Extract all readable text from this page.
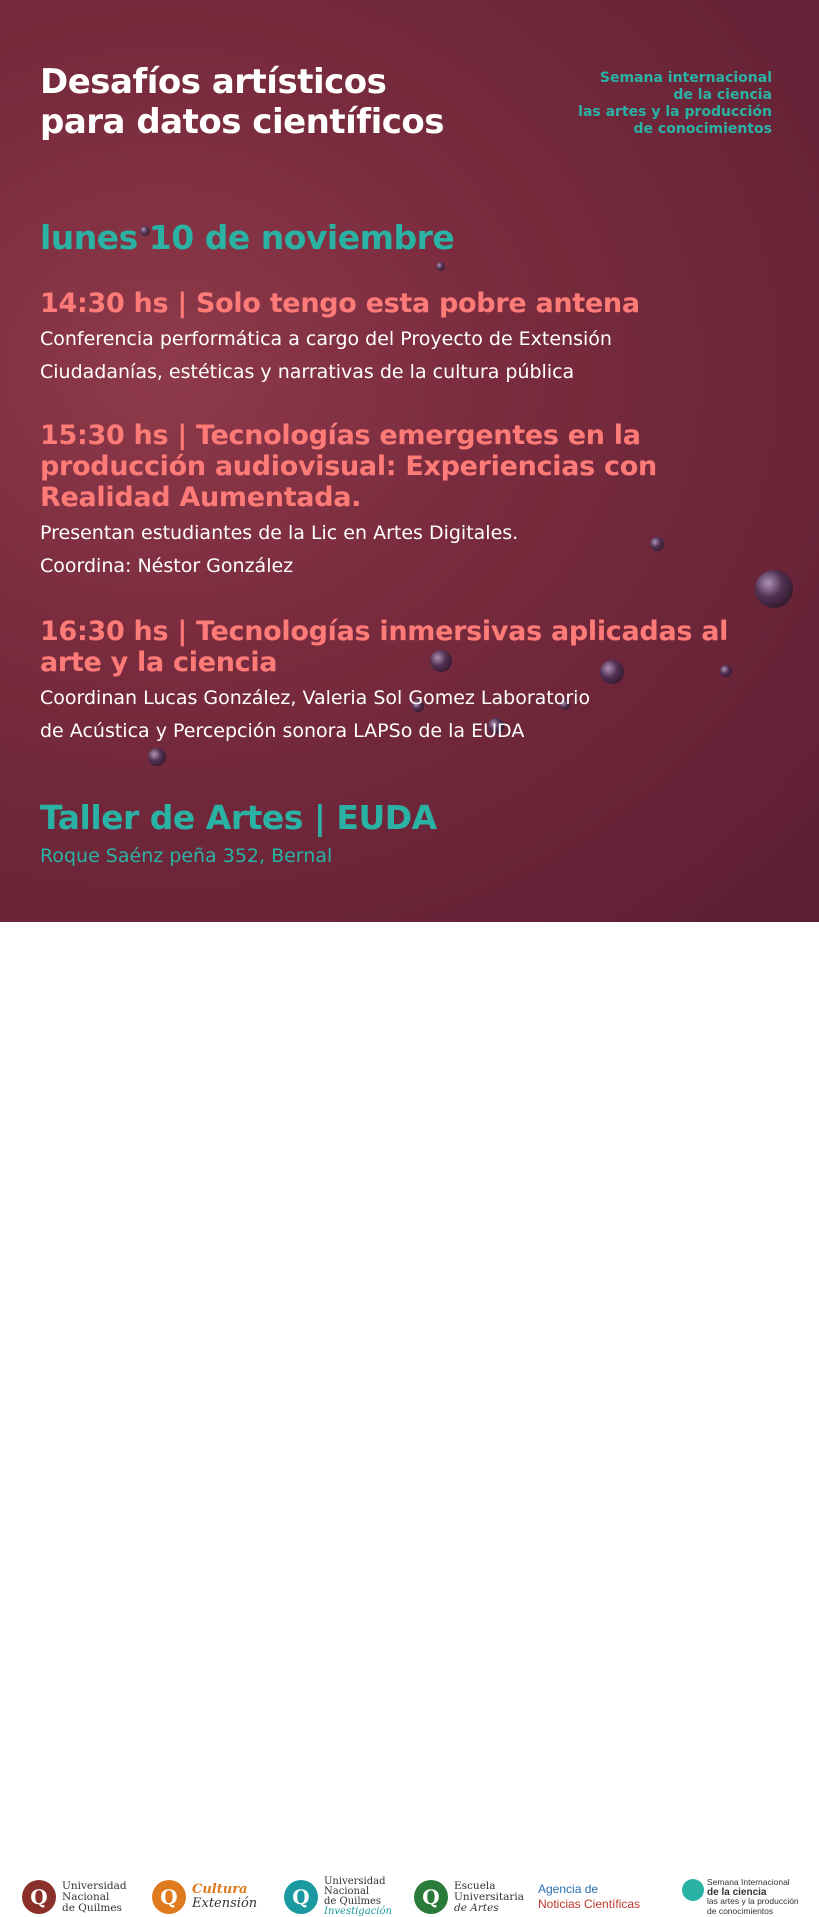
Desafíos artísticos
para datos científicos
Semana internacional
de la ciencia
las artes y la producción
de conocimientos
lunes 10 de noviembre

14:30 hs | Solo tengo esta pobre antena

Conferencia performática a cargo del Proyecto de Extensión
Ciudadanías, estéticas y narrativas de la cultura pública

15:30 hs | Tecnologías emergentes en la
producción audiovisual: Experiencias con
Realidad Aumentada.

Presentan estudiantes de la Lic en Artes Digitales.
Coordina: Néstor González

16:30 hs | Tecnologías inmersivas aplicadas al
arte y la ciencia

Coordinan Lucas González, Valeria Sol Gomez Laboratorio
de Acústica y Percepción sonora LAPSo de la EUDA

Taller de Artes | EUDA

Roque Saénz peña 352, Bernal

Q	Universidad
Nacional
de Quilmes	Q	Cultura
Extensión	Q
Universidad
Nacional
de Quilmes
Investigación
Q	Escuela
Universitaria
de Artes
Agencia de
Noticias Científicas
Semana Internacional
de la ciencia
las artes y la producción
de conocimientos
